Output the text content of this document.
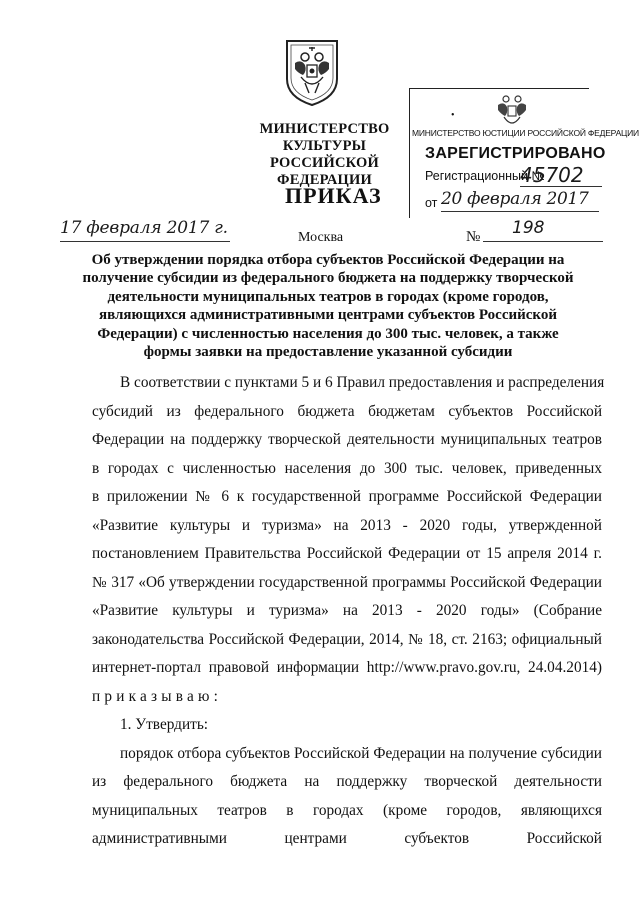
МИНИСТЕРСТВО КУЛЬТУРЫ
РОССИЙСКОЙ ФЕДЕРАЦИИ
•
МИНИСТЕРСТВО ЮСТИЦИИ РОССИЙСКОЙ ФЕДЕРАЦИИ
ЗАРЕГИСТРИРОВАНО
Регистрационный №
45702
от 20 февраля 2017
ПРИКАЗ
17 февраля 2017 г.	Москва	№ 198
Об утверждении порядка отбора субъектов Российской Федерации на
получение субсидии из федерального бюджета на поддержку творческой
деятельности муниципальных театров в городах (кроме городов,
являющихся административными центрами субъектов Российской
Федерации) с численностью населения до 300 тыс. человек, а также
формы заявки на предоставление указанной субсидии
В соответствии с пунктами 5 и 6 Правил предоставления и распределения
субсидий из федерального бюджета бюджетам субъектов Российской
Федерации на поддержку творческой деятельности муниципальных театров
в городах с численностью населения до 300 тыс. человек, приведенных
в приложении № 6 к государственной программе Российской Федерации
«Развитие культуры и туризма» на 2013 - 2020 годы, утвержденной
постановлением Правительства Российской Федерации от 15 апреля 2014 г.
№ 317 «Об утверждении государственной программы Российской Федерации
«Развитие культуры и туризма» на 2013 - 2020 годы» (Собрание
законодательства Российской Федерации, 2014, № 18, ст. 2163; официальный
интернет-портал правовой информации http://www.pravo.gov.ru, 24.04.2014)
приказываю:
1. Утвердить:
порядок отбора субъектов Российской Федерации на получение субсидии
из федерального бюджета на поддержку творческой деятельности
муниципальных театров в городах (кроме городов, являющихся
административными центрами субъектов Российской
